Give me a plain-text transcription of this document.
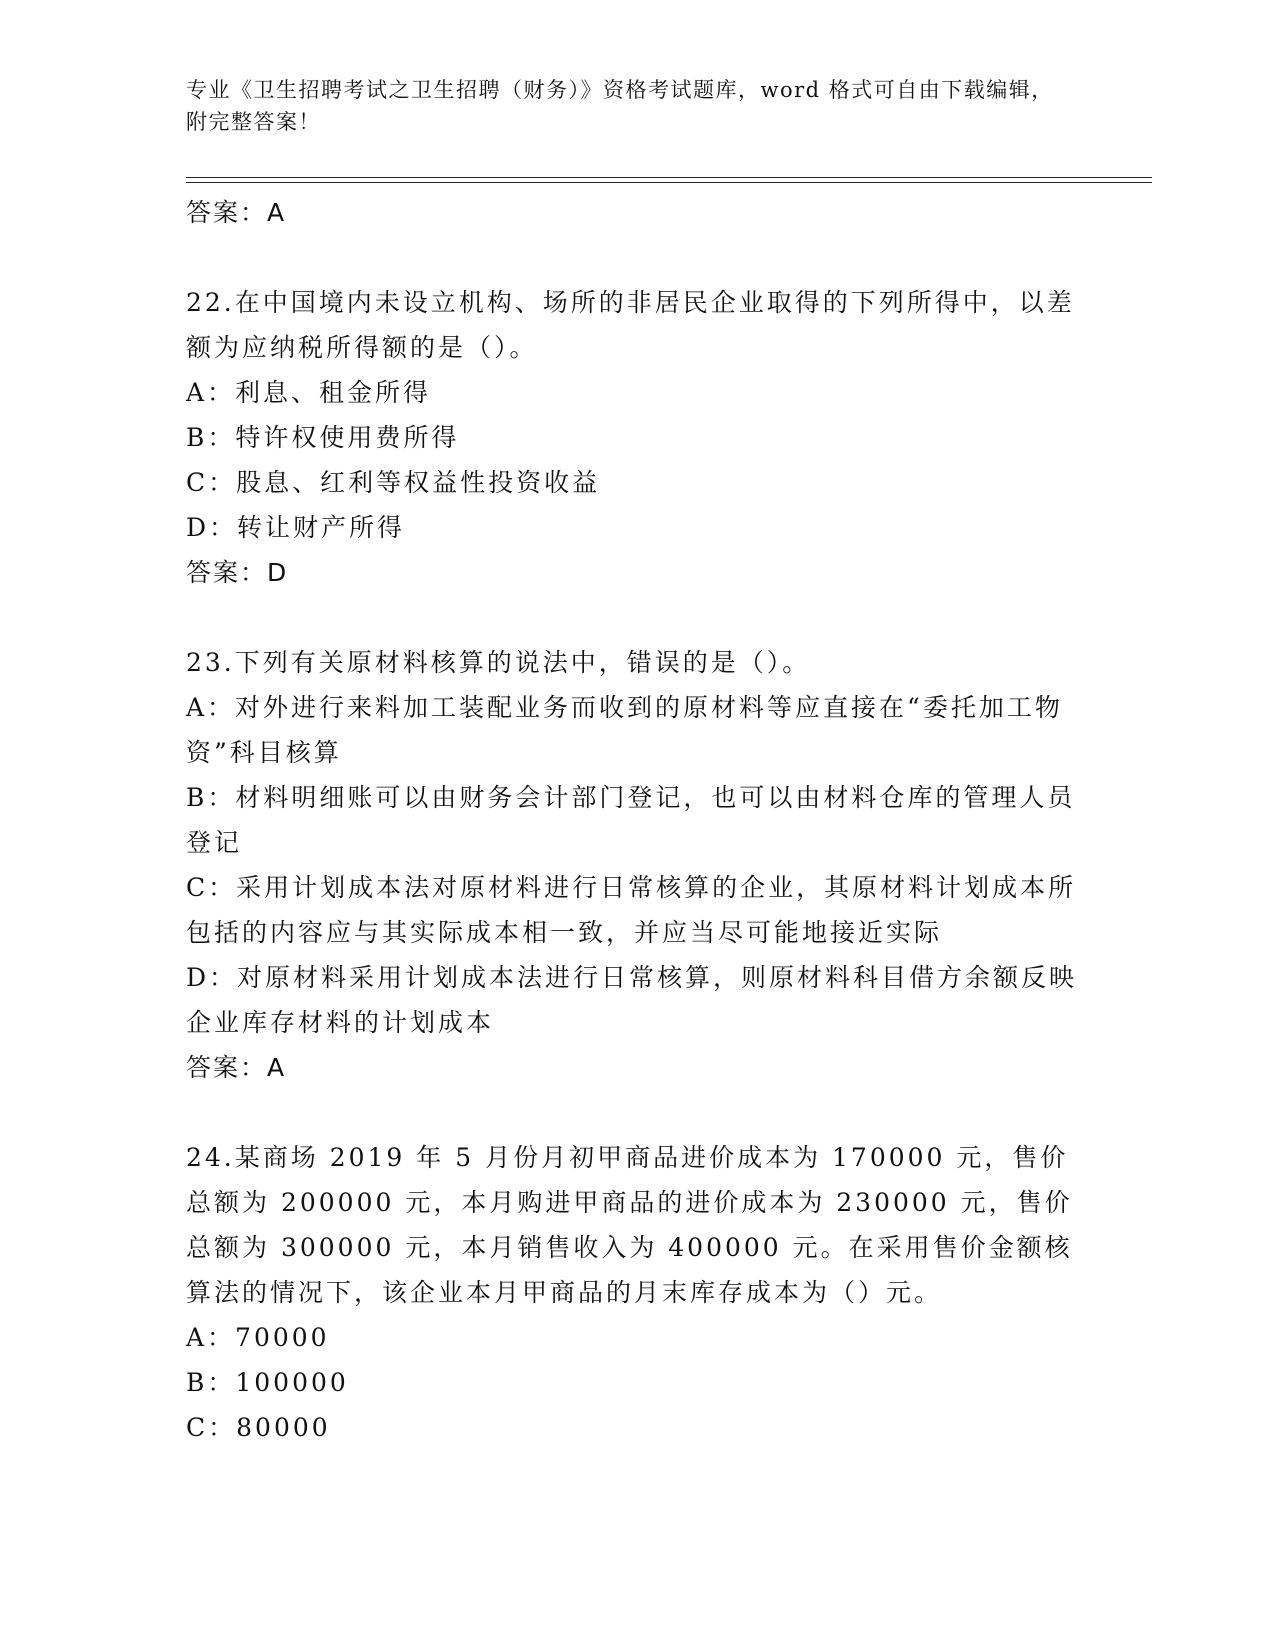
专业《卫生招聘考试之卫生招聘（财务）》资格考试题库，word 格式可自由下载编辑，附完整答案！

答案：A

22.在中国境内未设立机构、场所的非居民企业取得的下列所得中，以差额为应纳税所得额的是（）。

A：利息、租金所得

B：特许权使用费所得

C：股息、红利等权益性投资收益

D：转让财产所得

答案：D

23.下列有关原材料核算的说法中，错误的是（）。

A：对外进行来料加工装配业务而收到的原材料等应直接在“委托加工物资”科目核算

B：材料明细账可以由财务会计部门登记，也可以由材料仓库的管理人员登记

C：采用计划成本法对原材料进行日常核算的企业，其原材料计划成本所包括的内容应与其实际成本相一致，并应当尽可能地接近实际

D：对原材料采用计划成本法进行日常核算，则原材料科目借方余额反映企业库存材料的计划成本

答案：A

24.某商场 2019 年 5 月份月初甲商品进价成本为 170000 元，售价总额为 200000 元，本月购进甲商品的进价成本为 230000 元，售价总额为 300000 元，本月销售收入为 400000 元。在采用售价金额核算法的情况下，该企业本月甲商品的月末库存成本为（）元。

A：70000

B：100000

C：80000
